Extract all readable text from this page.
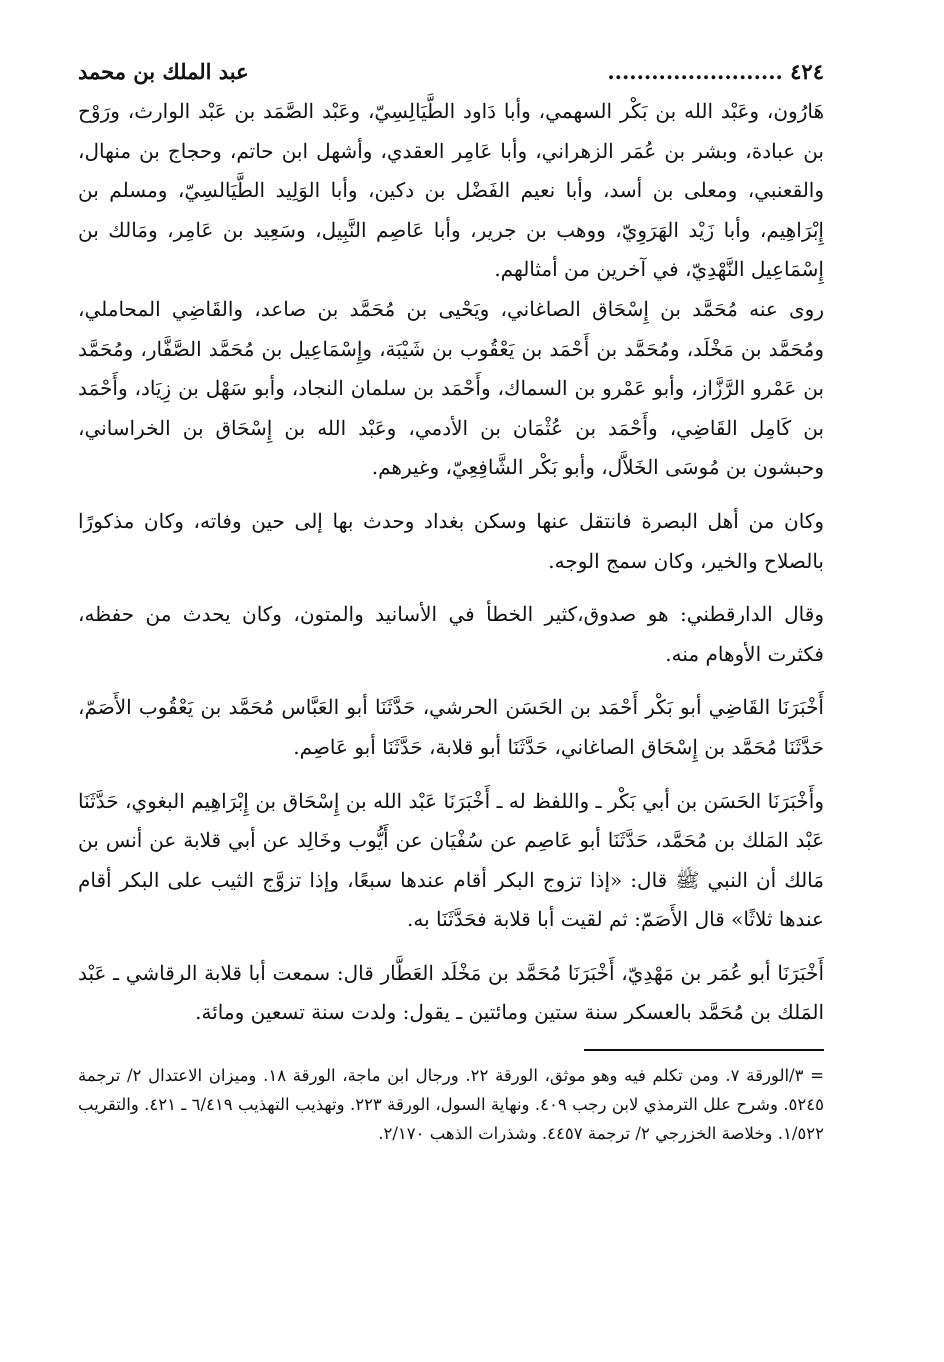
٤٢٤ ........................
عبد الملك بن محمد

هَارُون، وعَبْد الله بن بَكْر السهمي، وأبا دَاود الطَّيَالِسِيّ، وعَبْد الصَّمَد بن عَبْد الوارث، ورَوْح بن عبادة، وبشر بن عُمَر الزهراني، وأبا عَامِر العقدي، وأشهل ابن حاتم، وحجاج بن منهال، والقعنبي، ومعلى بن أسد، وأبا نعيم الفَضْل بن دكين، وأبا الوَلِيد الطَّيَالسِيّ، ومسلم بن إِبْرَاهِيم، وأبا زَيْد الهَرَوِيّ، ووهب بن جرير، وأبا عَاصِم النَّبِيل، وسَعِيد بن عَامِر، ومَالك بن إِسْمَاعِيل النَّهْدِيّ، في آخرين من أمثالهم.

روى عنه مُحَمَّد بن إِسْحَاق الصاغاني، ويَحْيى بن مُحَمَّد بن صاعد، والقَاضِي المحاملي، ومُحَمَّد بن مَخْلَد، ومُحَمَّد بن أَحْمَد بن يَعْقُوب بن شَيْبَة، وإِسْمَاعِيل بن مُحَمَّد الصَّفَّار، ومُحَمَّد بن عَمْرو الرَّزَّاز، وأبو عَمْرو بن السماك، وأَحْمَد بن سلمان النجاد، وأبو سَهْل بن زِيَاد، وأَحْمَد بن كَامِل القَاضِي، وأَحْمَد بن عُثْمَان بن الأدمي، وعَبْد الله بن إِسْحَاق بن الخراساني، وحبشون بن مُوسَى الخَلاَّل، وأبو بَكْر الشَّافِعِيّ، وغيرهم.

وكان من أهل البصرة فانتقل عنها وسكن بغداد وحدث بها إلى حين وفاته، وكان مذكورًا بالصلاح والخير، وكان سمج الوجه.

وقال الدارقطني: هو صدوق،كثير الخطأ في الأسانيد والمتون، وكان يحدث من حفظه، فكثرت الأوهام منه.

أَخْبَرَنَا القَاضِي أبو بَكْر أَحْمَد بن الحَسَن الحرشي، حَدَّثَنَا أبو العَبَّاس مُحَمَّد بن يَعْقُوب الأَصَمّ، حَدَّثَنَا مُحَمَّد بن إِسْحَاق الصاغاني، حَدَّثَنَا أبو قلابة، حَدَّثَنَا أبو عَاصِم.

وأَخْبَرَنَا الحَسَن بن أبي بَكْر ـ واللفظ له ـ أَخْبَرَنَا عَبْد الله بن إِسْحَاق بن إِبْرَاهِيم البغوي، حَدَّثَنَا عَبْد المَلك بن مُحَمَّد، حَدَّثَنَا أبو عَاصِم عن سُفْيَان عن أَيُّوب وخَالِد عن أبي قلابة عن أنس بن مَالك أن النبي ﷺ قال: «إذا تزوج البكر أقام عندها سبعًا، وإذا تزوَّج الثيب على البكر أقام عندها ثلاثًا» قال الأَصَمّ: ثم لقيت أبا قلابة فحَدَّثَنَا به.

أَخْبَرَنَا أبو عُمَر بن مَهْدِيّ، أَخْبَرَنَا مُحَمَّد بن مَخْلَد العَطَّار قال: سمعت أبا قلابة الرقاشي ـ عَبْد المَلك بن مُحَمَّد بالعسكر سنة ستين ومائتين ـ يقول: ولدت سنة تسعين ومائة.

= ٣/الورقة ٧. ومن تكلم فيه وهو موثق، الورقة ٢٢. ورجال ابن ماجة، الورقة ١٨. وميزان الاعتدال ٢/ ترجمة ٥٢٤٥. وشرح علل الترمذي لابن رجب ٤٠٩. ونهاية السول، الورقة ٢٢٣. وتهذيب التهذيب ٦/٤١٩ ـ ٤٢١. والتقريب ١/٥٢٢. وخلاصة الخزرجي ٢/ ترجمة ٤٤٥٧. وشذرات الذهب ٢/١٧٠.
